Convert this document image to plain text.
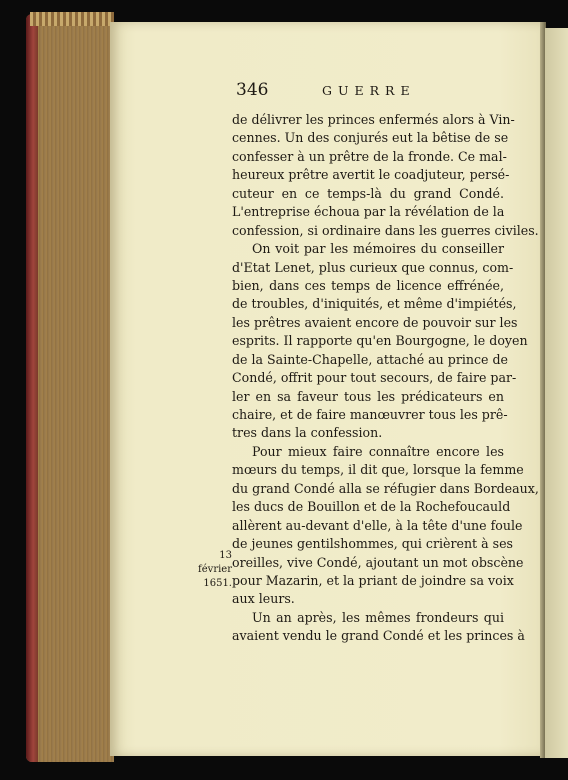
346	GUERRE
de délivrer les princes enfermés alors à Vin-
cennes. Un des conjurés eut la bêtise de se
confesser à un prêtre de la fronde. Ce mal-
heureux prêtre avertit le coadjuteur, persé-
cuteur en ce temps-là du grand Condé.
L'entreprise échoua par la révélation de la
confession, si ordinaire dans les guerres civiles.
On voit par les mémoires du conseiller
d'Etat Lenet, plus curieux que connus, com-
bien, dans ces temps de licence effrénée,
de troubles, d'iniquités, et même d'impiétés,
les prêtres avaient encore de pouvoir sur les
esprits. Il rapporte qu'en Bourgogne, le doyen
de la Sainte-Chapelle, attaché au prince de
Condé, offrit pour tout secours, de faire par-
ler en sa faveur tous les prédicateurs en
chaire, et de faire manœuvrer tous les prê-
tres dans la confession.
Pour mieux faire connaître encore les
mœurs du temps, il dit que, lorsque la femme
du grand Condé alla se réfugier dans Bordeaux,
les ducs de Bouillon et de la Rochefoucauld
allèrent au-devant d'elle, à la tête d'une foule
de jeunes gentilshommes, qui crièrent à ses
oreilles, vive Condé, ajoutant un mot obscène
pour Mazarin, et la priant de joindre sa voix
aux leurs.
Un an après, les mêmes frondeurs qui
avaient vendu le grand Condé et les princes à
13 février
1651.
